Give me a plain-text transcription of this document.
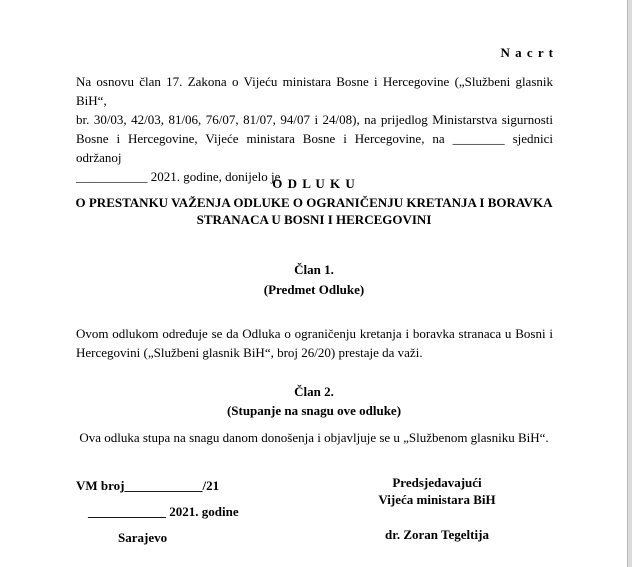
N a c r t
Na osnovu član 17. Zakona o Vijeću ministara Bosne i Hercegovine („Službeni glasnik BiH“,
br. 30/03, 42/03, 81/06, 76/07, 81/07, 94/07 i 24/08), na prijedlog Ministarstva sigurnosti
Bosne i Hercegovine, Vijeće ministara Bosne i Hercegovine, na ________ sjednici održanoj
___________ 2021. godine, donijelo je
O D L U K U
O PRESTANKU VAŽENJA ODLUKE O OGRANIČENJU KRETANJA I BORAVKA
STRANACA U BOSNI I HERCEGOVINI
Član 1.
(Predmet Odluke)
Ovom odlukom određuje se da Odluka o ograničenju kretanja i boravka stranaca u Bosni i
Hercegovini („Službeni glasnik BiH“, broj 26/20) prestaje da važi.
Član 2.
(Stupanje na snagu ove odluke)
Ova odluka stupa na snagu danom donošenja i objavljuje se u „Službenom glasniku BiH“.
VM broj____________/21
____________ 2021. godine
Sarajevo
Predsjedavajući
Vijeća ministara BiH
dr. Zoran Tegeltija
